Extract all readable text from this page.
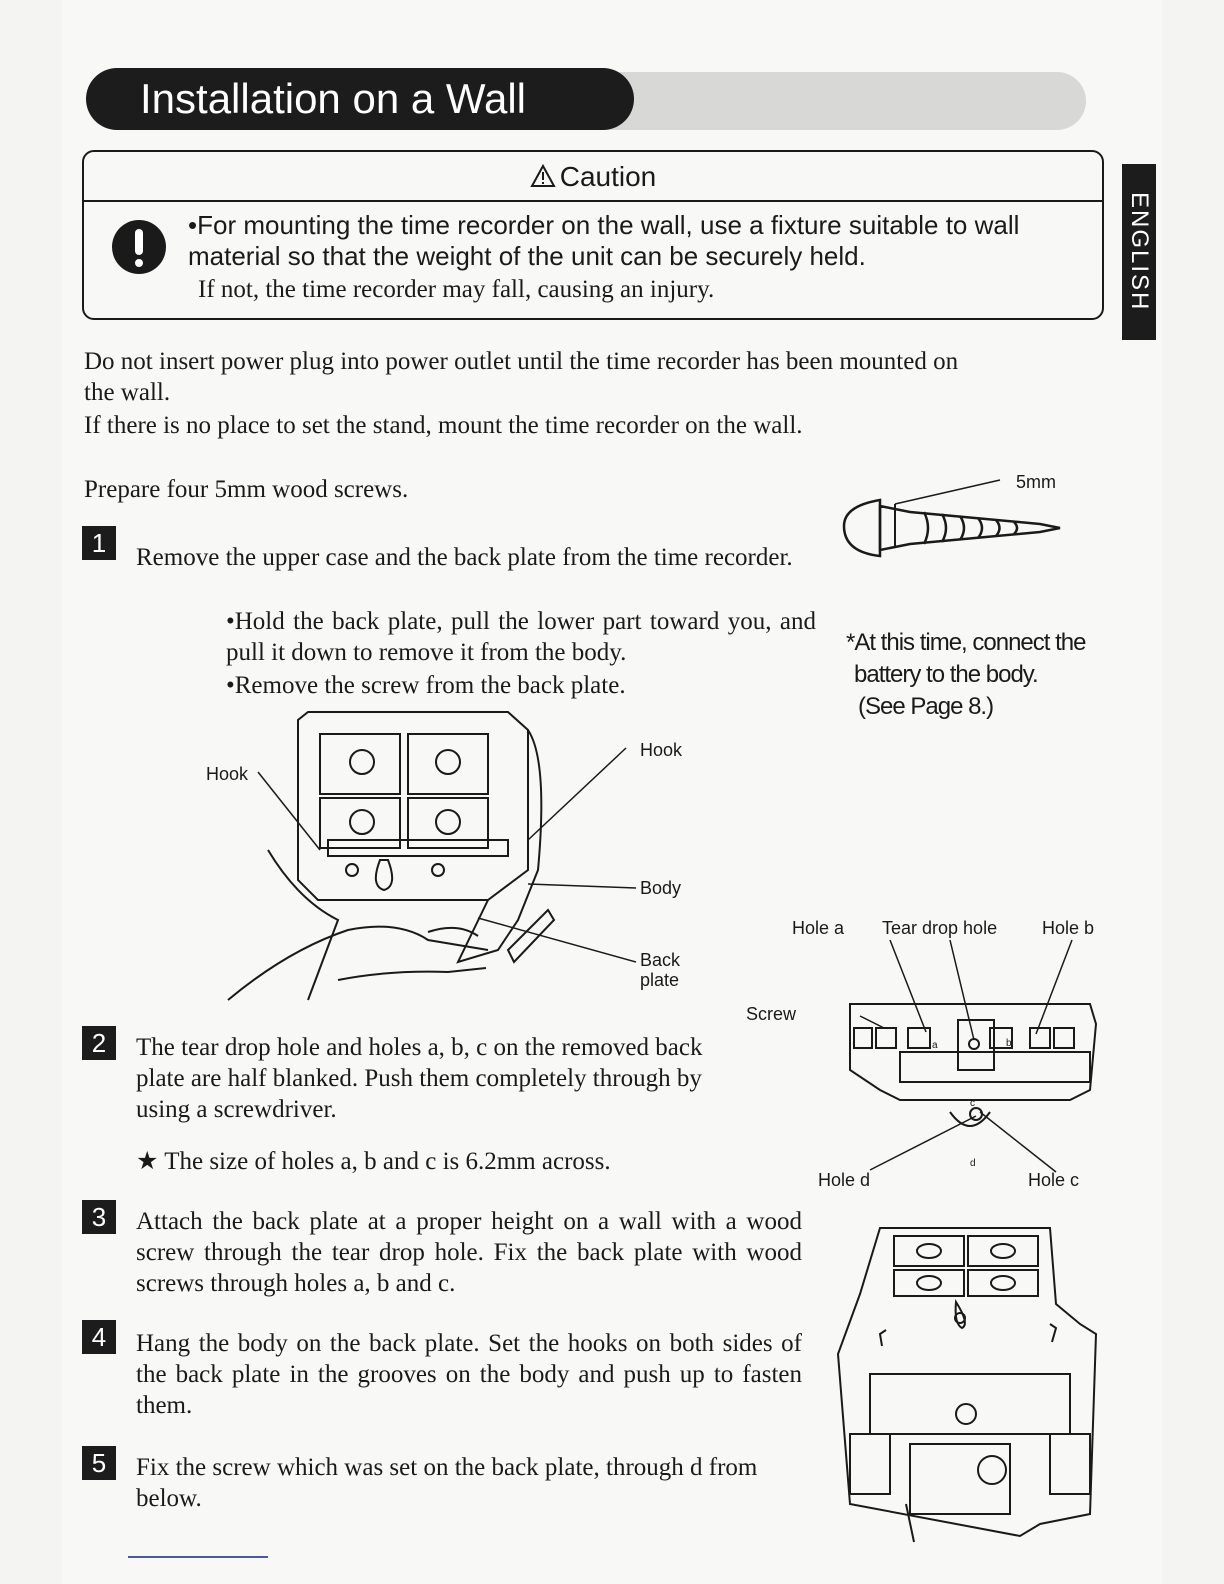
Installation on a Wall
ENGLISH
Caution
•For mounting the time recorder on the wall, use a fixture suitable to wall material so that the weight of the unit can be securely held.
If not, the time recorder may fall, causing an injury.
Do not insert power plug into power outlet until the time recorder has been mounted on the wall.
If there is no place to set the stand, mount the time recorder on the wall.
Prepare four 5mm wood screws.	5mm
1	Remove the upper case and the back plate from the time recorder.
•Hold the back plate, pull the lower part toward you, and pull it down to remove it from the body.
•Remove the screw from the back plate.
*At this time, connect the
battery to the body.
(See Page 8.)
Hook
Hook
Body
Back
plate
Hole a Tear drop hole Hole b
Screw
Hole d	Hole c
a	b
c
d
2	The tear drop hole and holes a, b, c on the removed back plate are half blanked. Push them completely through by using a screwdriver.
★ The size of holes a, b and c is 6.2mm across.
3	Attach the back plate at a proper height on a wall with a wood screw through the tear drop hole. Fix the back plate with wood screws through holes a, b and c.
4	Hang the body on the back plate. Set the hooks on both sides of the back plate in the grooves on the body and push up to fasten them.
5	Fix the screw which was set on the back plate, through d from below.
